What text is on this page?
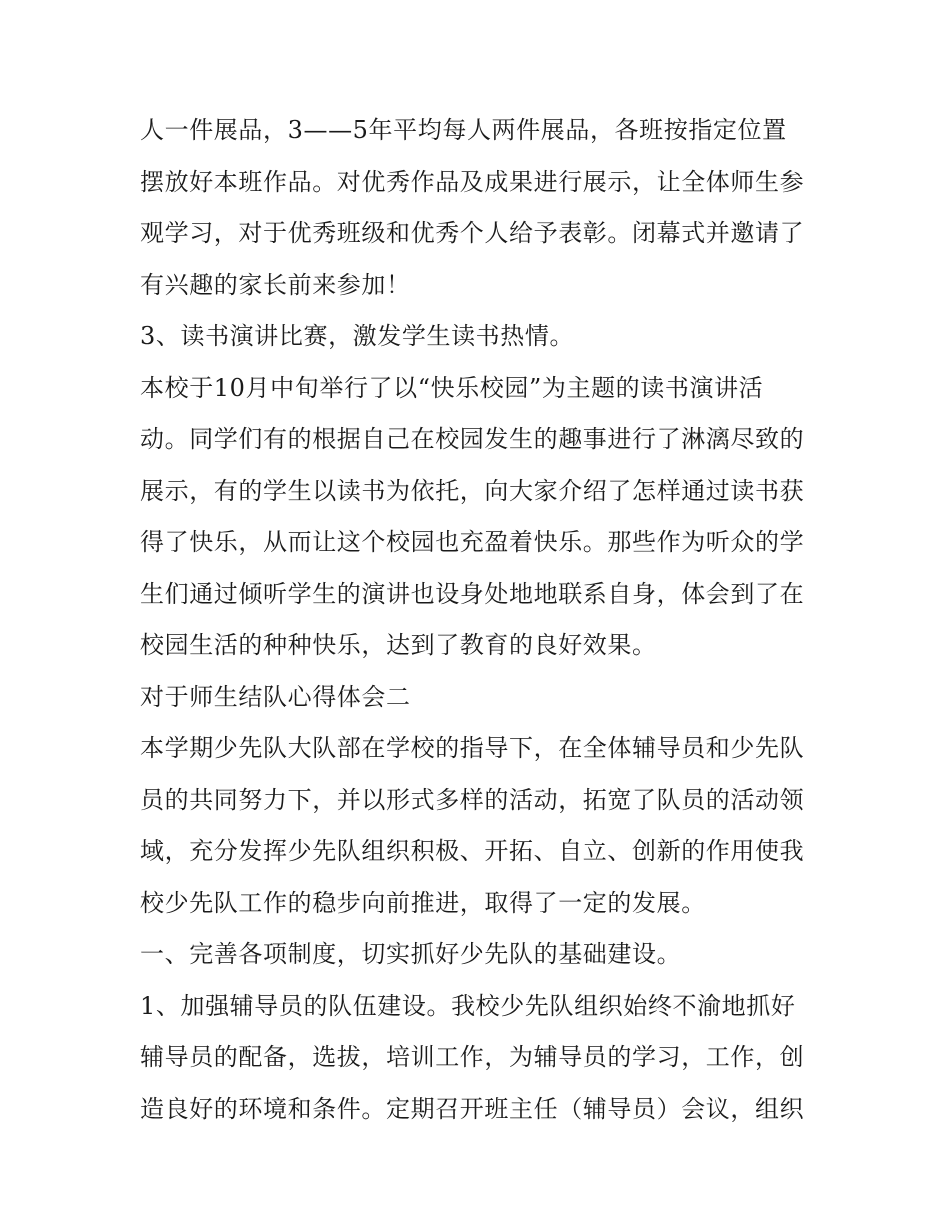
人一件展品，3——5年平均每人两件展品，各班按指定位置
摆放好本班作品。对优秀作品及成果进行展示，让全体师生参
观学习，对于优秀班级和优秀个人给予表彰。闭幕式并邀请了
有兴趣的家长前来参加！
3、读书演讲比赛，激发学生读书热情。
本校于10月中旬举行了以“快乐校园”为主题的读书演讲活
动。同学们有的根据自己在校园发生的趣事进行了淋漓尽致的
展示，有的学生以读书为依托，向大家介绍了怎样通过读书获
得了快乐，从而让这个校园也充盈着快乐。那些作为听众的学
生们通过倾听学生的演讲也设身处地地联系自身，体会到了在
校园生活的种种快乐，达到了教育的良好效果。
对于师生结队心得体会二
本学期少先队大队部在学校的指导下，在全体辅导员和少先队
员的共同努力下，并以形式多样的活动，拓宽了队员的活动领
域，充分发挥少先队组织积极、开拓、自立、创新的作用使我
校少先队工作的稳步向前推进，取得了一定的发展。
一、完善各项制度，切实抓好少先队的基础建设。
1、加强辅导员的队伍建设。我校少先队组织始终不渝地抓好
辅导员的配备，选拔，培训工作，为辅导员的学习，工作，创
造良好的环境和条件。定期召开班主任（辅导员）会议，组织
